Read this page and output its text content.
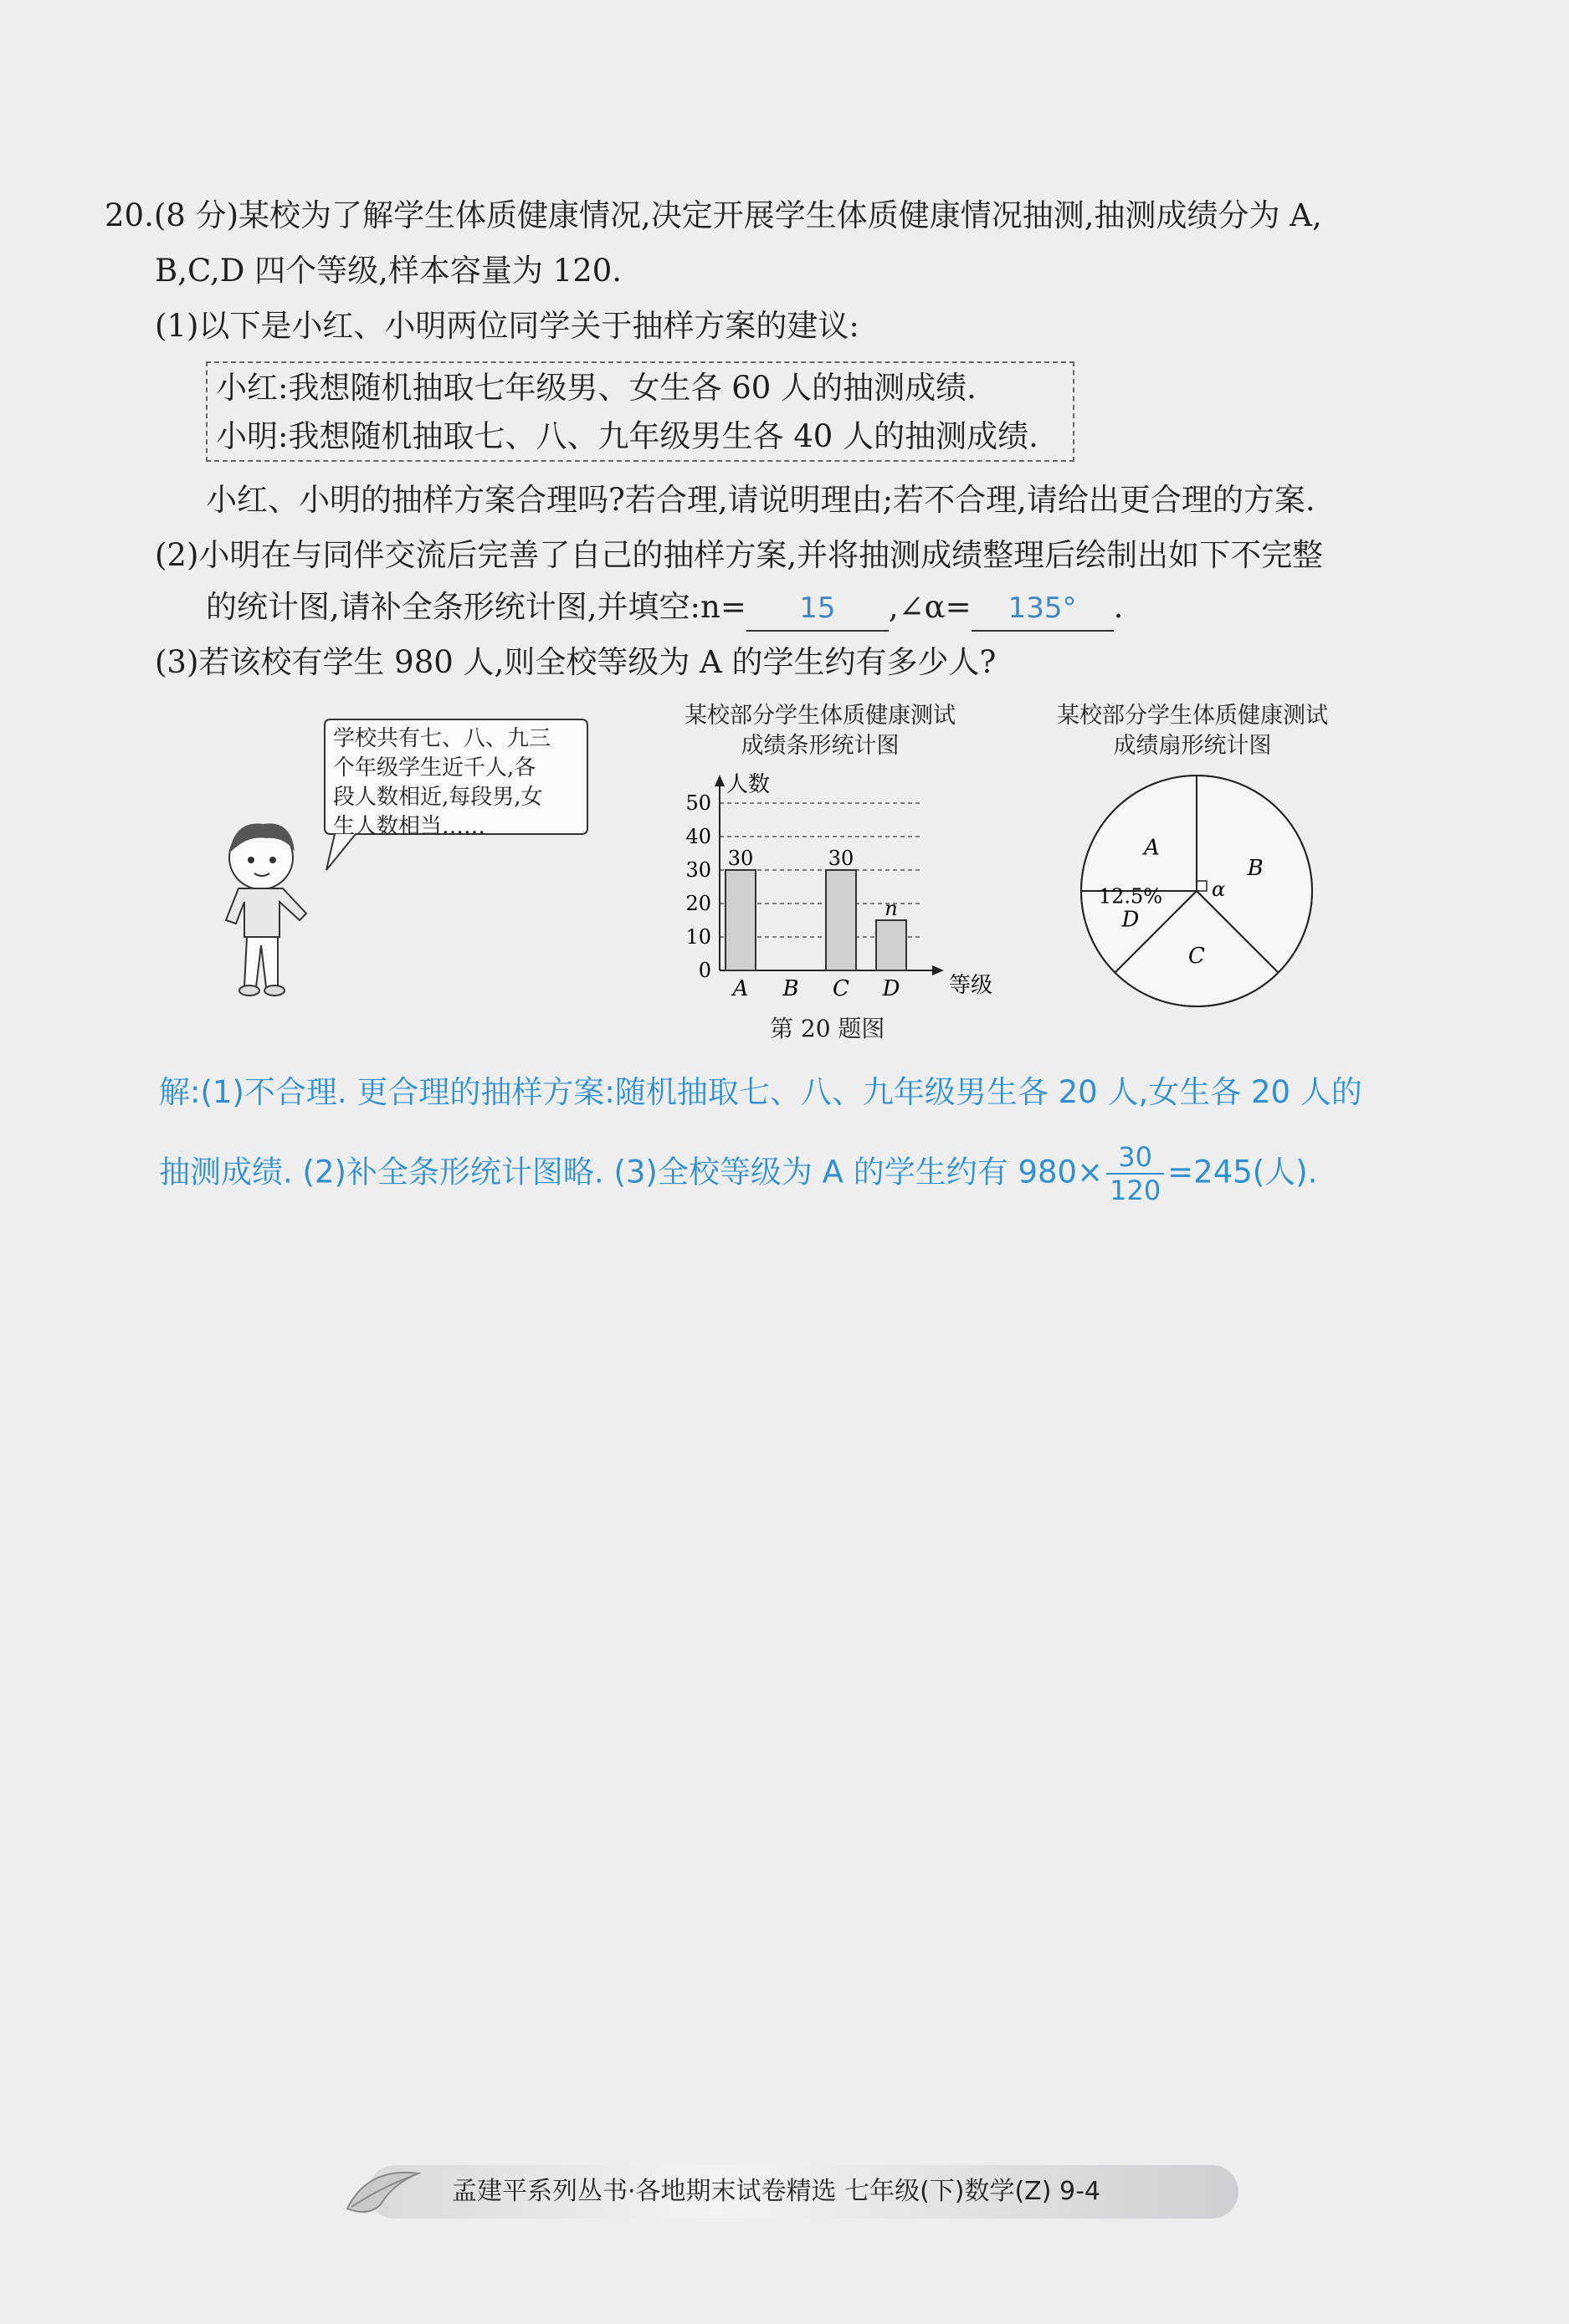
20.(8 分)某校为了解学生体质健康情况,决定开展学生体质健康情况抽测,抽测成绩分为 A,
B,C,D 四个等级,样本容量为 120.
(1)以下是小红、小明两位同学关于抽样方案的建议:
小红:我想随机抽取七年级男、女生各 60 人的抽测成绩.
小明:我想随机抽取七、八、九年级男生各 40 人的抽测成绩.
小红、小明的抽样方案合理吗?若合理,请说明理由;若不合理,请给出更合理的方案.
(2)小明在与同伴交流后完善了自己的抽样方案,并将抽测成绩整理后绘制出如下不完整
的统计图,请补全条形统计图,并填空:n= 15 ,∠α= 135° .
(3)若该校有学生 980 人,则全校等级为 A 的学生约有多少人?
学校共有七、八、九三
个年级学生近千人,各
段人数相近,每段男,女
生人数相当……
某校部分学生体质健康测试
成绩条形统计图
0
10
20
30
40
50
人数
等级
A
30
B C
30
D
n
某校部分学生体质健康测试
成绩扇形统计图
B
C
D
A
12.5% α
第 20 题图
解:(1)不合理. 更合理的抽样方案:随机抽取七、八、九年级男生各 20 人,女生各 20 人的
抽测成绩. (2)补全条形统计图略. (3)全校等级为 A 的学生约有 $980\times \frac{30}{120} =245$(人).
孟建平系列丛书·各地期末试卷精选 七年级(下)数学(Z) 9-4
